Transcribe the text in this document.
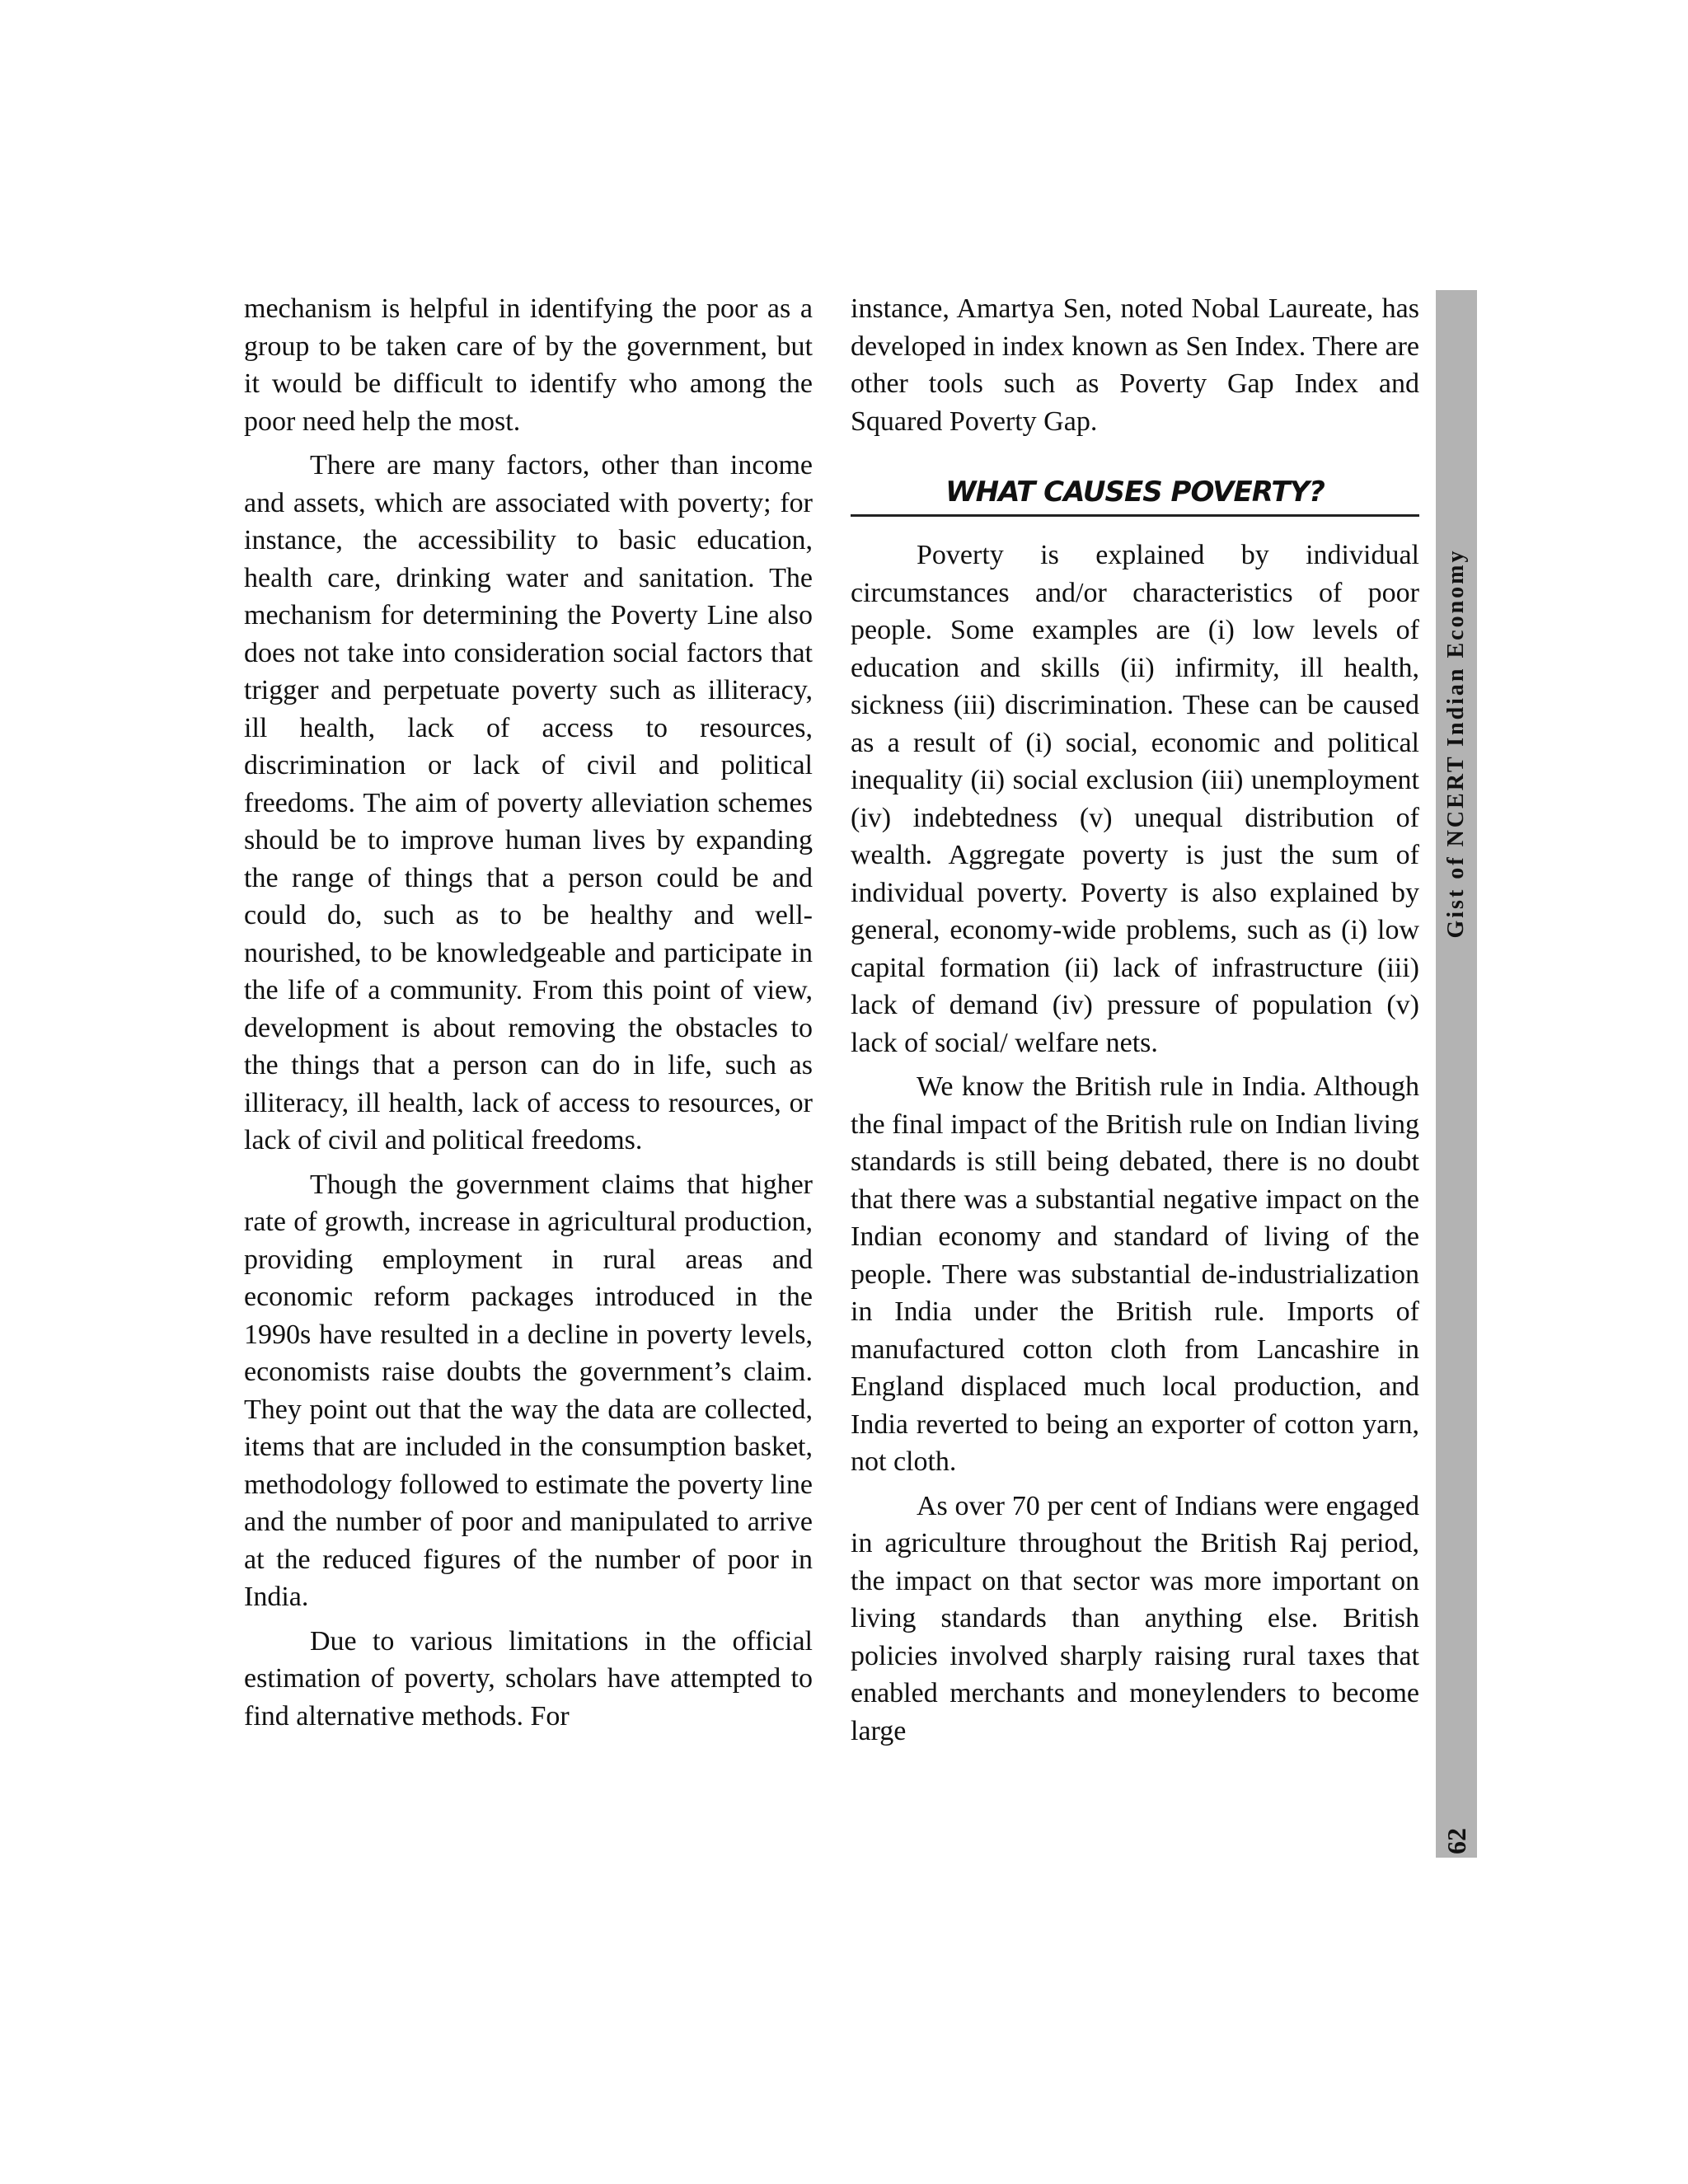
mechanism is helpful in identifying the poor as a group to be taken care of by the government, but it would be difficult to identify who among the poor need help the most.

There are many factors, other than income and assets, which are associated with poverty; for instance, the accessibility to basic education, health care, drinking water and sanitation. The mechanism for determining the Poverty Line also does not take into consideration social factors that trigger and perpetuate poverty such as illiteracy, ill health, lack of access to resources, discrimination or lack of civil and political freedoms. The aim of poverty alleviation schemes should be to improve human lives by expanding the range of things that a person could be and could do, such as to be healthy and well-nourished, to be knowledgeable and participate in the life of a community. From this point of view, development is about removing the obstacles to the things that a person can do in life, such as illiteracy, ill health, lack of access to resources, or lack of civil and political freedoms.

Though the government claims that higher rate of growth, increase in agricultural production, providing employment in rural areas and economic reform packages introduced in the 1990s have resulted in a decline in poverty levels, economists raise doubts the government’s claim. They point out that the way the data are collected, items that are included in the consumption basket, methodology followed to estimate the poverty line and the number of poor and manipulated to arrive at the reduced figures of the number of poor in India.

Due to various limitations in the official estimation of poverty, scholars have attempted to find alternative methods. For

instance, Amartya Sen, noted Nobal Laureate, has developed in index known as Sen Index. There are other tools such as Poverty Gap Index and Squared Poverty Gap.

WHAT CAUSES POVERTY?

Poverty is explained by individual circumstances and/or characteristics of poor people. Some examples are (i) low levels of education and skills (ii) infirmity, ill health, sickness (iii) discrimination. These can be caused as a result of (i) social, economic and political inequality (ii) social exclusion (iii) unemployment (iv) indebtedness (v) unequal distribution of wealth. Aggregate poverty is just the sum of individual poverty. Poverty is also explained by general, economy-wide problems, such as (i) low capital formation (ii) lack of infrastructure (iii) lack of demand (iv) pressure of population (v) lack of social/ welfare nets.

We know the British rule in India. Although the final impact of the British rule on Indian living standards is still being debated, there is no doubt that there was a substantial negative impact on the Indian economy and standard of living of the people. There was substantial de-industrialization in India under the British rule. Imports of manufactured cotton cloth from Lancashire in England displaced much local production, and India reverted to being an exporter of cotton yarn, not cloth.

As over 70 per cent of Indians were engaged in agriculture throughout the British Raj period, the impact on that sector was more important on living standards than anything else. British policies involved sharply raising rural taxes that enabled merchants and moneylenders to become large

Gist of NCERT Indian Economy
62
